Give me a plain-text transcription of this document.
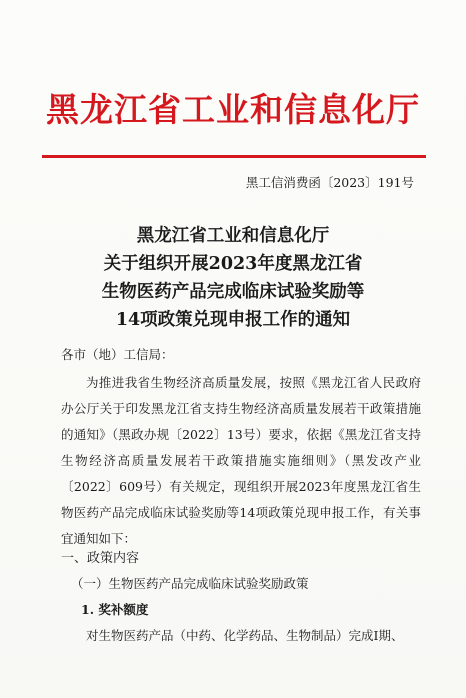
黑龙江省工业和信息化厅
黑工信消费函〔2023〕191号
黑龙江省工业和信息化厅
关于组织开展2023年度黑龙江省
生物医药产品完成临床试验奖励等
14项政策兑现申报工作的通知
各市（地）工信局：
为推进我省生物经济高质量发展，按照《黑龙江省人民政府办公厅关于印发黑龙江省支持生物经济高质量发展若干政策措施的通知》（黑政办规〔2022〕13号）要求，依据《黑龙江省支持生物经济高质量发展若干政策措施实施细则》（黑发改产业〔2022〕609号）有关规定，现组织开展2023年度黑龙江省生物医药产品完成临床试验奖励等14项政策兑现申报工作，有关事宜通知如下：
一、政策内容
（一）生物医药产品完成临床试验奖励政策
1. 奖补额度
对生物医药产品（中药、化学药品、生物制品）完成Ⅰ期、
